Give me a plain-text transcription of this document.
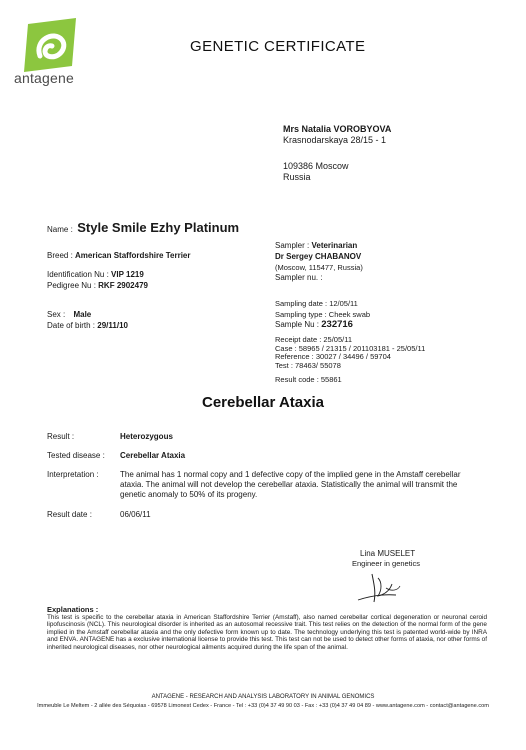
antagene
GENETIC CERTIFICATE
Mrs Natalia VOROBYOVA
Krasnodarskaya 28/15 - 1
109386 Moscow
Russia
Name : Style Smile Ezhy Platinum
Breed : American Staffordshire Terrier
Identification Nu : VIP 1219
Pedigree Nu : RKF 2902479
Sex : Male
Date of birth : 29/11/10
Sampler : Veterinarian
Dr Sergey CHABANOV
(Moscow, 115477, Russia)
Sampler nu. :
Sampling date : 12/05/11
Sampling type : Cheek swab
Sample Nu : 232716
Receipt date : 25/05/11
Case : 58965 / 21315 / 201103181 - 25/05/11
Reference : 30027 / 34496 / 59704
Test : 78463/ 55078
Result code : 55861
Cerebellar Ataxia
Result :	Heterozygous
Tested disease : Cerebellar Ataxia
Interpretation :	The animal has 1 normal copy and 1 defective copy of the implied gene in the Amstaff cerebellar ataxia. The animal will not develop the cerebellar ataxia. Statistically the animal will transmit the genetic anomaly to 50% of its progeny.
Result date :	06/06/11
Lina MUSELET
Engineer in genetics
Explanations :
This test is specific to the cerebellar ataxia in American Staffordshire Terrier (Amstaff), also named cerebellar cortical degeneration or neuronal ceroid lipofuscinosis (NCL). This neurological disorder is inherited as an autosomal recessive trait. This test relies on the detection of the normal form of the gene implied in the Amstaff cerebellar ataxia and the only defective form known up to date. The technology underlying this test is patented world-wide by INRA and ENVA. ANTAGENE has a exclusive international license to provide this test. This test can not be used to detect other forms of ataxia, nor other forms of inherited neurological diseases, nor other neurological ailments acquired during the life span of the animal.
ANTAGENE - RESEARCH AND ANALYSIS LABORATORY IN ANIMAL GENOMICS
Immeuble Le Meltem - 2 allée des Séquoias - 69578 Limonest Cedex - France - Tel : +33 (0)4 37 49 90 03 - Fax : +33 (0)4 37 49 04 89 - www.antagene.com - contact@antagene.com
